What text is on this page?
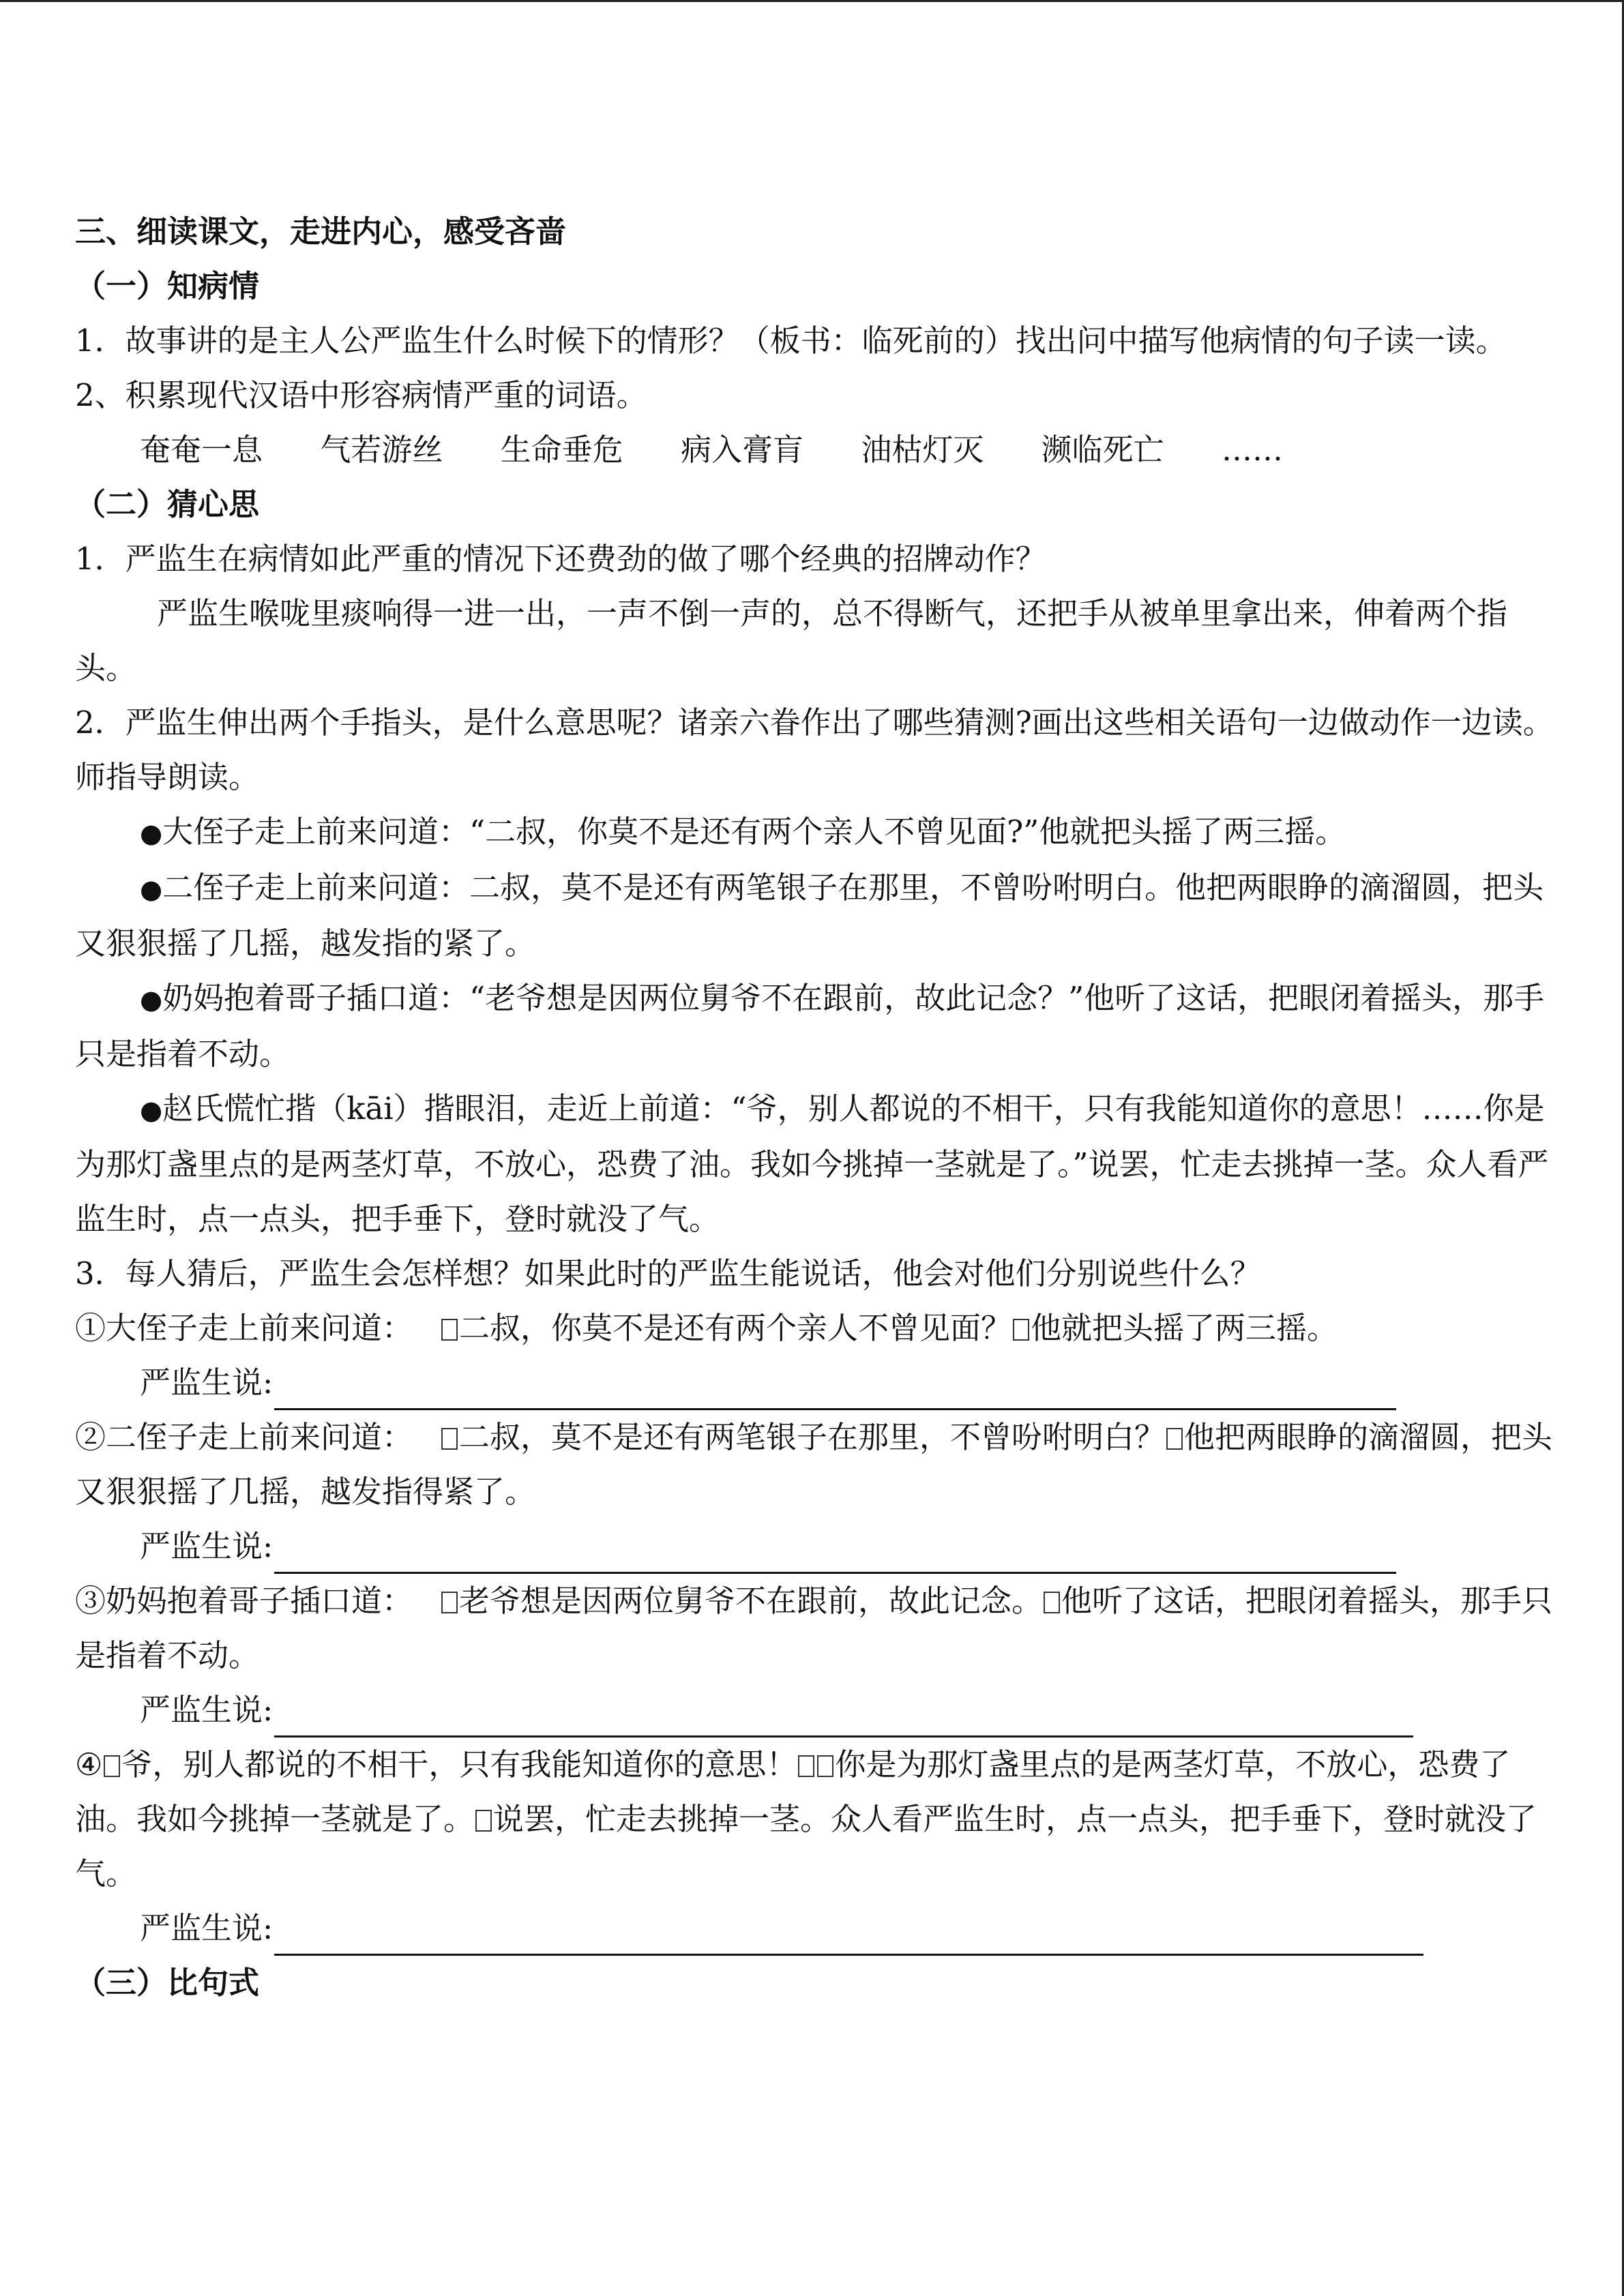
三、细读课文，走进内心，感受吝啬

（一）知病情

1．故事讲的是主人公严监生什么时候下的情形？（板书：临死前的）找出问中描写他病情的句子读一读。

2、积累现代汉语中形容病情严重的词语。

奄奄一息 气若游丝 生命垂危 病入膏肓 油枯灯灭 濒临死亡 ……

（二）猜心思

1．严监生在病情如此严重的情况下还费劲的做了哪个经典的招牌动作？

严监生喉咙里痰响得一进一出，一声不倒一声的，总不得断气，还把手从被单里拿出来，伸着两个指头。

2．严监生伸出两个手指头，是什么意思呢？诸亲六眷作出了哪些猜测?画出这些相关语句一边做动作一边读。师指导朗读。

●大侄子走上前来问道：“二叔，你莫不是还有两个亲人不曾见面?”他就把头摇了两三摇。

●二侄子走上前来问道：二叔，莫不是还有两笔银子在那里，不曾吩咐明白。他把两眼睁的滴溜圆，把头又狠狠摇了几摇，越发指的紧了。

●奶妈抱着哥子插口道：“老爷想是因两位舅爷不在跟前，故此记念？”他听了这话，把眼闭着摇头，那手只是指着不动。

●赵氏慌忙揩（kāi）揩眼泪，走近上前道：“爷，别人都说的不相干，只有我能知道你的意思！……你是为那灯盏里点的是两茎灯草，不放心，恐费了油。我如今挑掉一茎就是了。”说罢，忙走去挑掉一茎。众人看严监生时，点一点头，把手垂下，登时就没了气。

3．每人猜后，严监生会怎样想？如果此时的严监生能说话，他会对他们分别说些什么？

①大侄子走上前来问道： 二叔，你莫不是还有两个亲人不曾见面？ 他就把头摇了两三摇。

严监生说:

②二侄子走上前来问道： 二叔，莫不是还有两笔银子在那里，不曾吩咐明白？ 他把两眼睁的滴溜圆，把头又狠狠摇了几摇，越发指得紧了。

严监生说:

③奶妈抱着哥子插口道： 老爷想是因两位舅爷不在跟前，故此记念。 他听了这话，把眼闭着摇头，那手只是指着不动。

严监生说:

④ 爷，别人都说的不相干，只有我能知道你的意思！ 你是为那灯盏里点的是两茎灯草，不放心，恐费了油。我如今挑掉一茎就是了。 说罢，忙走去挑掉一茎。众人看严监生时，点一点头，把手垂下，登时就没了气。

严监生说:

（三）比句式
